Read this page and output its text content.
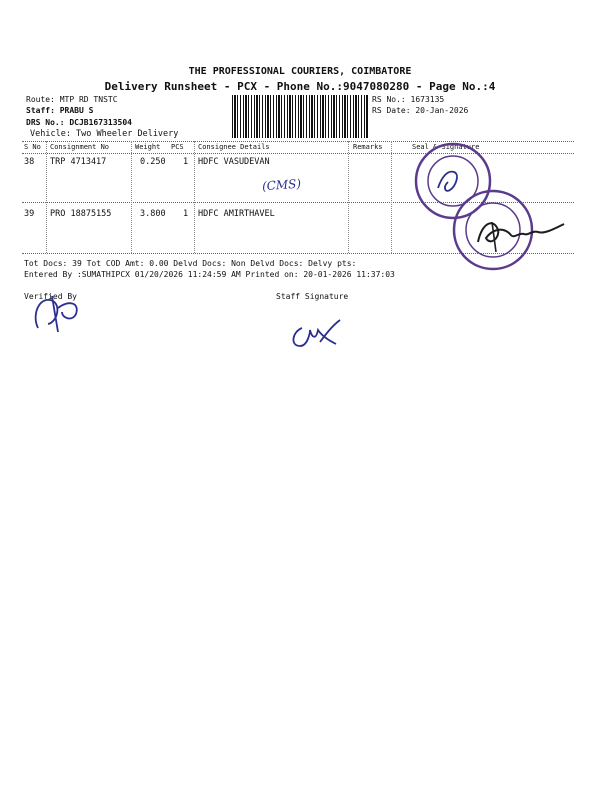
THE PROFESSIONAL COURIERS, COIMBATORE
Delivery Runsheet - PCX - Phone No.:9047080280 - Page No.:4
Route: MTP RD TNSTC
Staff: PRABU S
DRS No.: DCJB167313504
Vehicle: Two Wheeler Delivery
RS No.: 1673135
RS Date: 20-Jan-2026
S No Consignment No	Weight PCS Consignee Details	Remarks	Seal & Signature
38 TRP 4713417	0.250 1 HDFC VASUDEVAN
39 PRO 18875155	3.800 1 HDFC AMIRTHAVEL
(CMS)
Tot Docs: 39 Tot COD Amt: 0.00 Delvd Docs: Non Delvd Docs: Delvy pts:
Entered By :SUMATHIPCX 01/20/2026 11:24:59 AM Printed on: 20-01-2026 11:37:03
Verified By	Staff Signature
